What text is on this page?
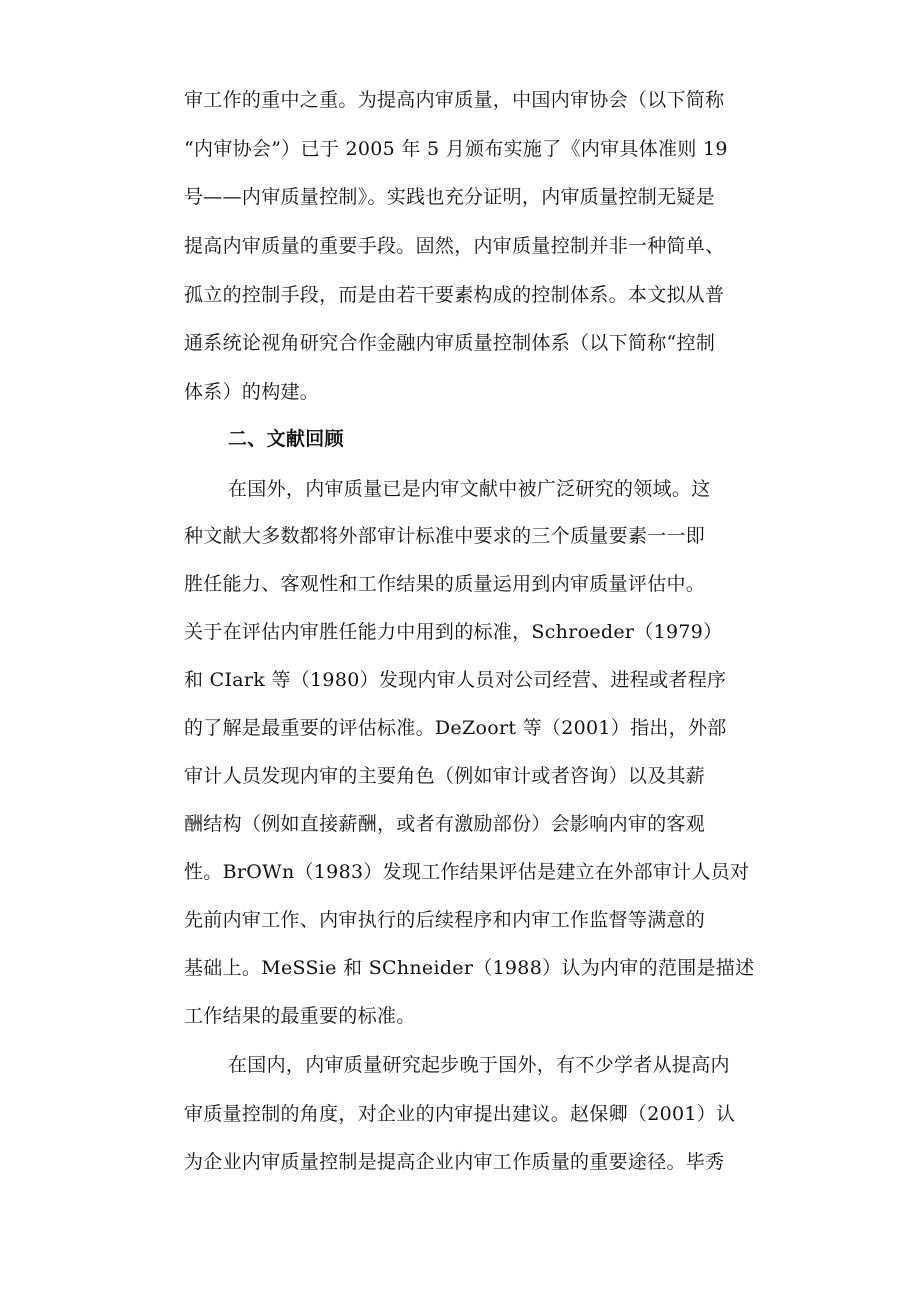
审工作的重中之重。为提高内审质量，中国内审协会（以下简称
“内审协会”）已于 2005 年 5 月颁布实施了《内审具体准则 19
号——内审质量控制》。实践也充分证明，内审质量控制无疑是
提高内审质量的重要手段。固然，内审质量控制并非一种简单、
孤立的控制手段，而是由若干要素构成的控制体系。本文拟从普
通系统论视角研究合作金融内审质量控制体系（以下简称“控制
体系）的构建。
二、文献回顾
在国外，内审质量已是内审文献中被广泛研究的领域。这
种文献大多数都将外部审计标准中要求的三个质量要素一一即
胜任能力、客观性和工作结果的质量运用到内审质量评估中。
关于在评估内审胜任能力中用到的标准，Schroeder（1979）
和 CIark 等（1980）发现内审人员对公司经营、进程或者程序
的了解是最重要的评估标准。DeZoort 等（2001）指出，外部
审计人员发现内审的主要角色（例如审计或者咨询）以及其薪
酬结构（例如直接薪酬，或者有激励部份）会影响内审的客观
性。BrOWn（1983）发现工作结果评估是建立在外部审计人员对
先前内审工作、内审执行的后续程序和内审工作监督等满意的
基础上。MeSSie 和 SChneider（1988）认为内审的范围是描述
工作结果的最重要的标准。
在国内，内审质量研究起步晚于国外，有不少学者从提高内
审质量控制的角度，对企业的内审提出建议。赵保卿（2001）认
为企业内审质量控制是提高企业内审工作质量的重要途径。毕秀
